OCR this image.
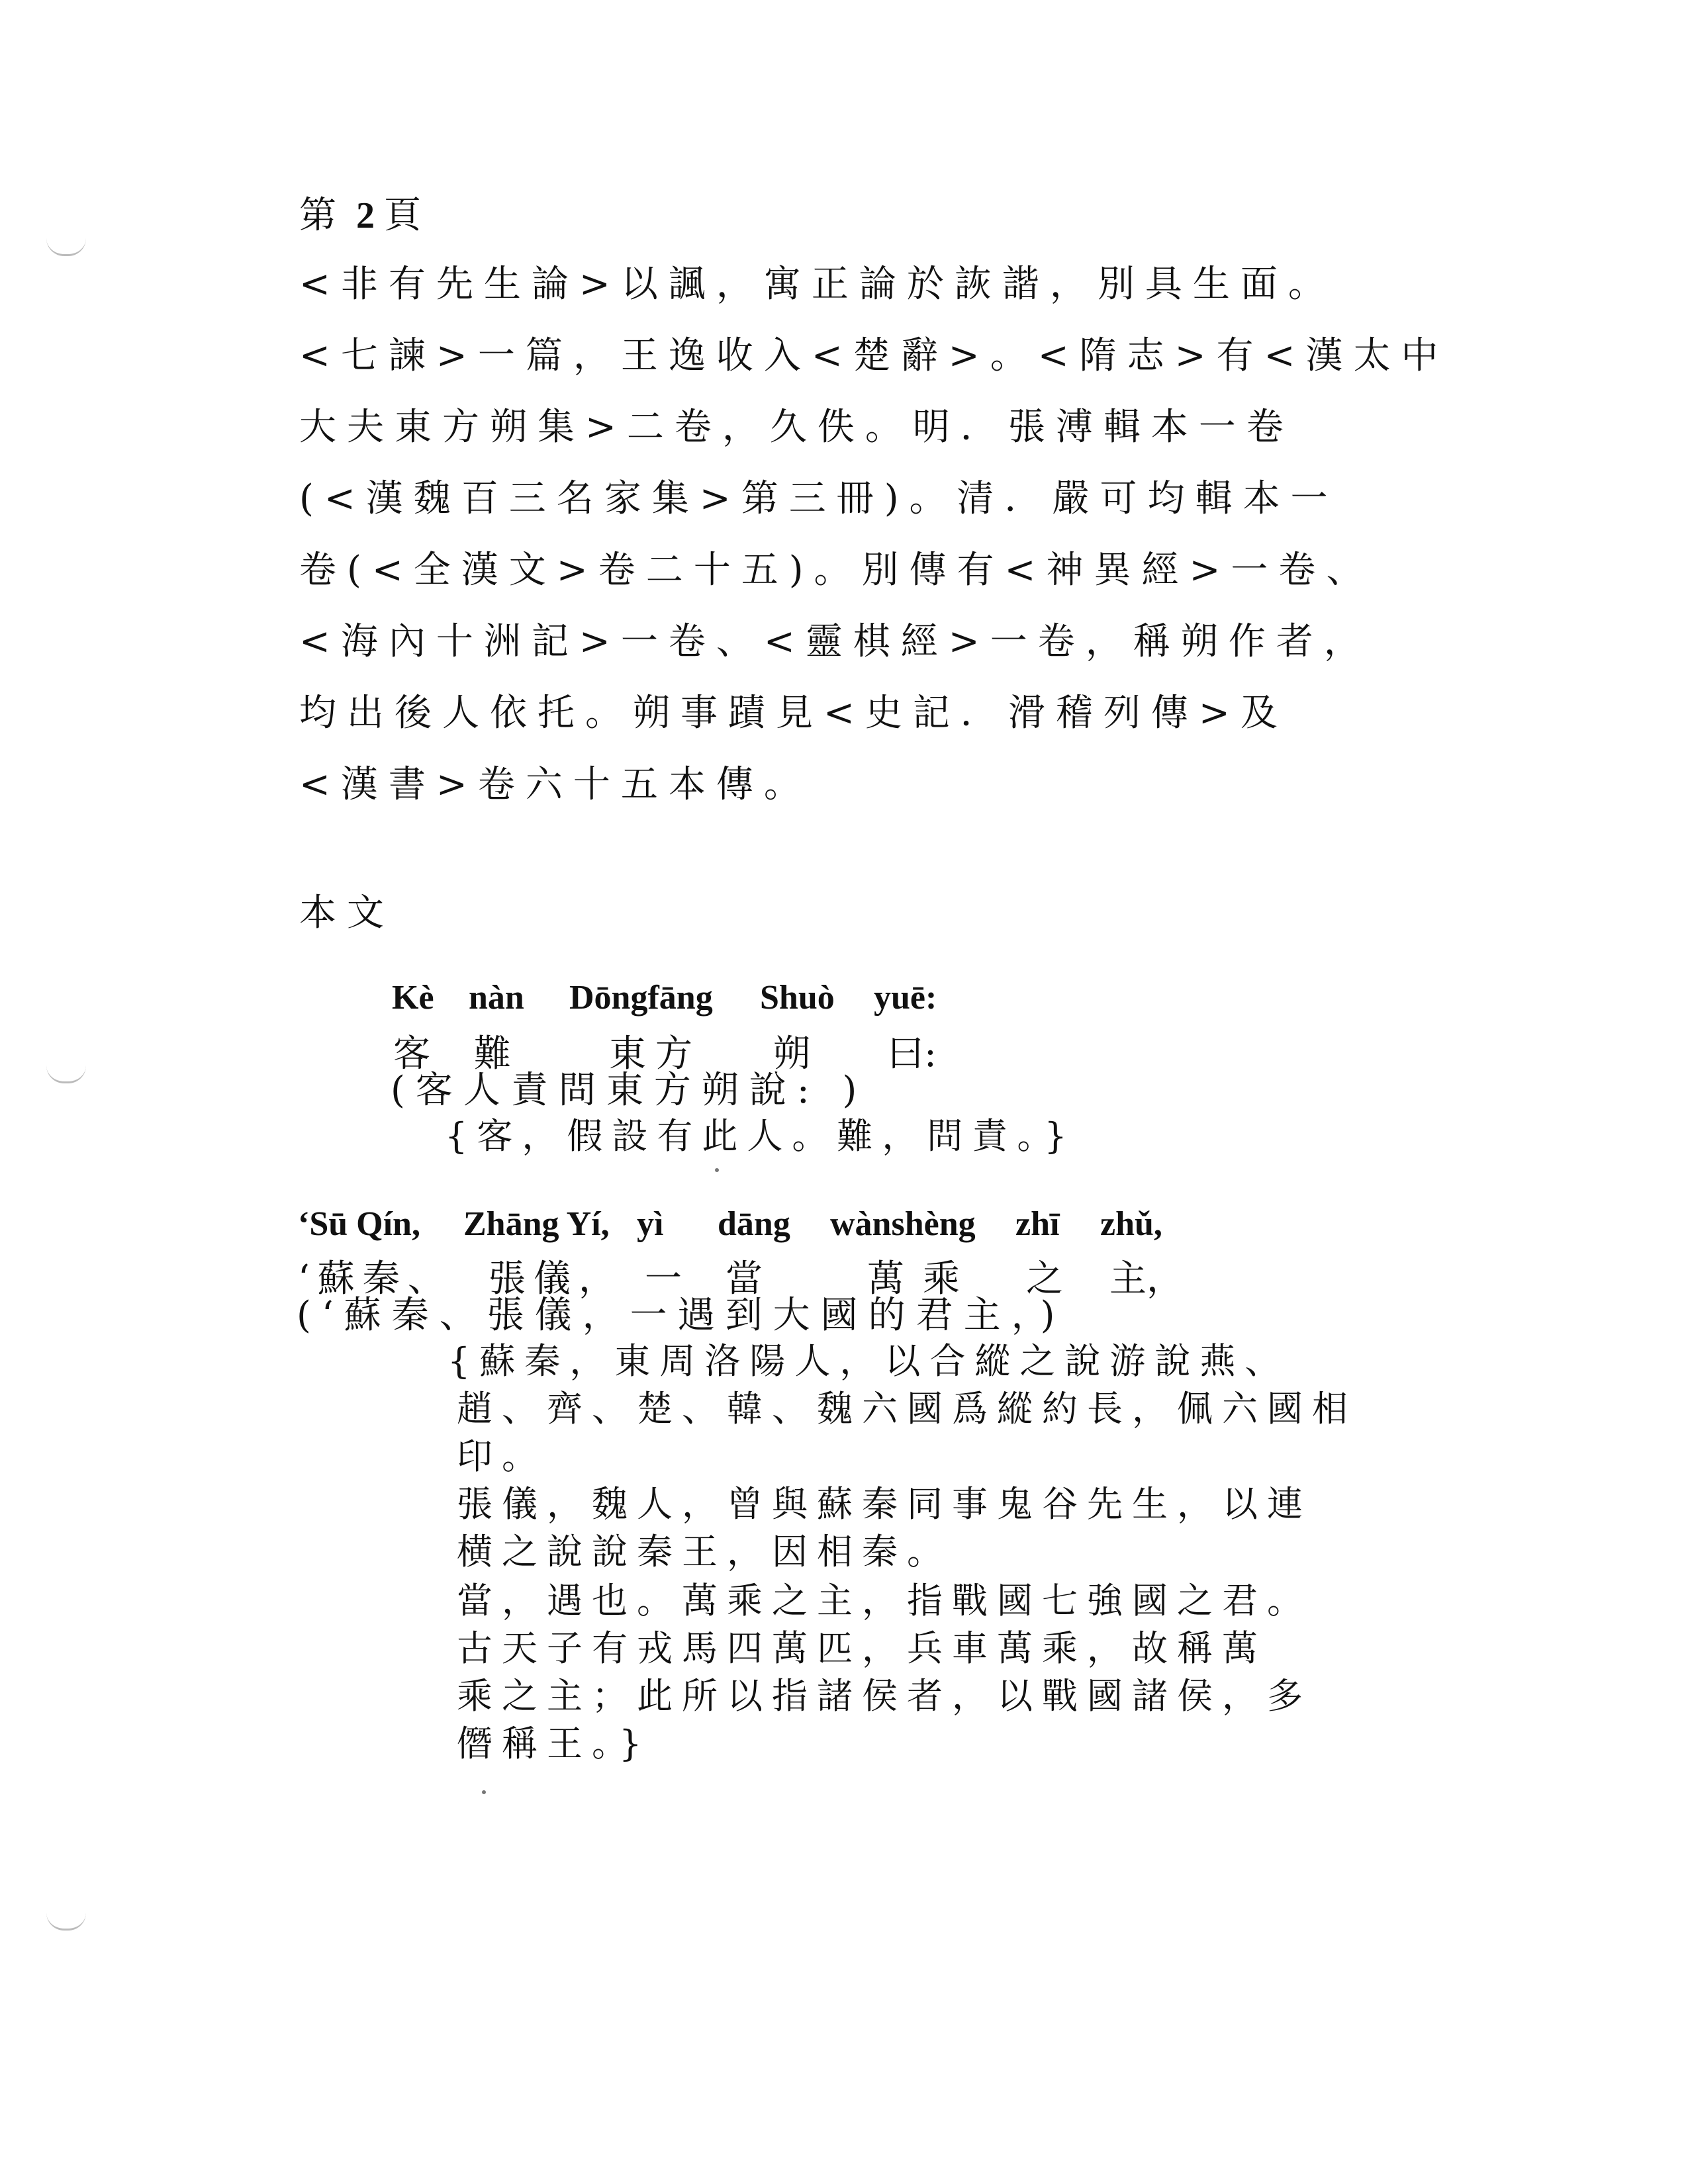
第 2 頁
<非有先生論>以諷，寓正論於詼諧，別具生面。
<七諫>一篇，王逸收入<楚辭>。<隋志>有<漢太中
大夫東方朔集>二卷，久佚。明．張溥輯本一卷
(<漢魏百三名家集>第三冊)。清．嚴可均輯本一
卷(<全漢文>卷二十五)。別傳有<神異經>一卷、
<海內十洲記>一卷、<靈棋經>一卷，稱朔作者，
均出後人依托。朔事蹟見<史記．滑稽列傳>及
<漢書>卷六十五本傳。
本文
Kè nàn Dōngfāng Shuò yuē:
客 難	東方 朔 曰:
(客人責問東方朔說: )
{客，假設有此人。難，問責。}
‘Sū Qín, Zhāng Yí, yì dāng wànshèng zhī zhǔ,
‘蘇秦、 張儀， 一 當	萬乘 之 主，
(‘蘇秦、張儀，一遇到大國的君主，)
{蘇秦，東周洛陽人，以合縱之說游說燕、
趙、齊、楚、韓、魏六國爲縱約長，佩六國相
印。
張儀，魏人，曾與蘇秦同事鬼谷先生，以連
横之說說秦王，因相秦。
當，遇也。萬乘之主，指戰國七強國之君。
古天子有戎馬四萬匹，兵車萬乘，故稱萬
乘之主；此所以指諸侯者，以戰國諸侯，多
僭稱王。}
